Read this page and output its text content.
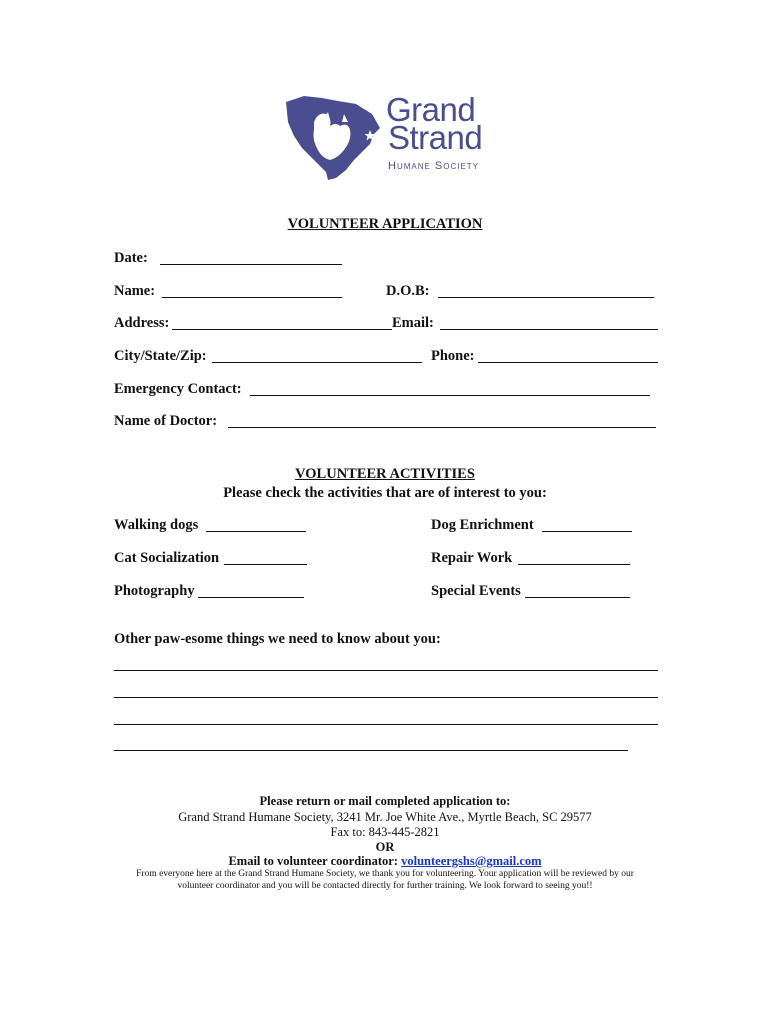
Grand
Strand
Humane Society
VOLUNTEER APPLICATION
Date:
Name:	D.O.B:
Address:	Email:
City/State/Zip:	Phone:
Emergency Contact:
Name of Doctor:
VOLUNTEER ACTIVITIES
Please check the activities that are of interest to you:
Walking dogs	Dog Enrichment
Cat Socialization	Repair Work
Photography	Special Events
Other paw-esome things we need to know about you:
Please return or mail completed application to:
Grand Strand Humane Society, 3241 Mr. Joe White Ave., Myrtle Beach, SC 29577
Fax to: 843-445-2821
OR
Email to volunteer coordinator: volunteergshs@gmail.com
From everyone here at the Grand Strand Humane Society, we thank you for volunteering. Your application will be reviewed by our
volunteer coordinator and you will be contacted directly for further training. We look forward to seeing you!!
